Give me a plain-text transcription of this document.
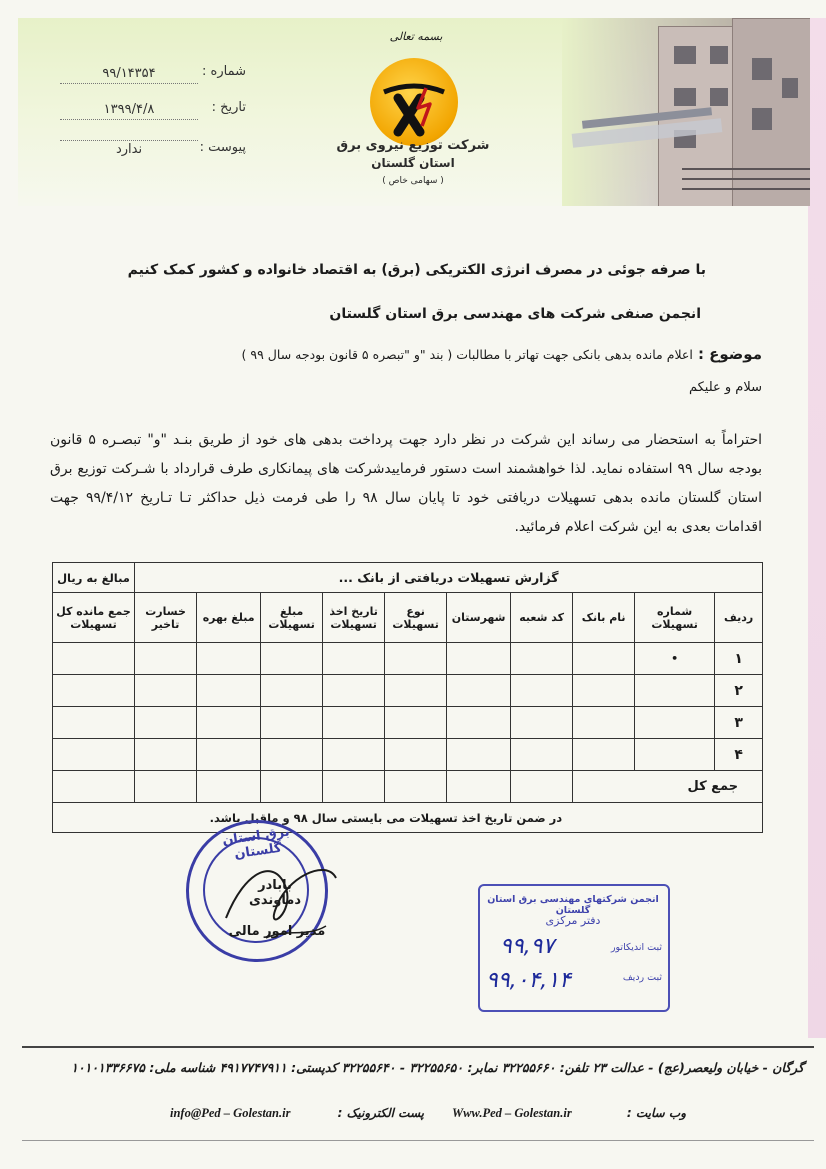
بسمه تعالی
شرکت توزیع نیروی برق
استان گلستان
( سهامی خاص )
شماره :
۹۹/۱۴۳۵۴
تاریخ :
۱۳۹۹/۴/۸
پیوست :
ندارد
با صرفه جوئی در مصرف انرژی الکتریکی (برق) به اقتصاد خانواده و کشور کمک کنیم
انجمن صنفی شرکت های مهندسی برق استان گلستان
موضوع : اعلام مانده بدهی بانکی جهت تهاتر با مطالبات ( بند "و "تبصره ۵ قانون بودجه سال ۹۹ )
سلام و علیکم
احتراماً به استحضار می رساند این شرکت در نظر دارد جهت پرداخت بدهی های خود از طریق بنـد "و" تبصـره ۵ قانون بودجه سال ۹۹ استفاده نماید. لذا خواهشمند است دستور فرماییدشرکت های پیمانکاری طرف قرارداد با شـرکت توزیع برق استان گلستان مانده بدهی تسهیلات دریافتی خود تا پایان سال ۹۸ را طی فرمت ذیل حداکثر تـا تـاریخ ۹۹/۴/۱۲ جهت اقدامات بعدی به این شرکت اعلام فرمائید.
گزارش تسهیلات دریافتی از بانک ...										مبالغ به ریال
ردیف	شماره تسهیلات	نام بانک	کد شعبه	شهرستان	نوع تسهیلات	تاریخ اخذ تسهیلات	مبلغ تسهیلات	مبلغ بهره	خسارت تاخیر	جمع مانده کل تسهیلات
۱	•									
۲										
۳										
۴										
جمع کل										
در ضمن تاریخ اخذ تسهیلات می بایستی سال ۹۸ و ماقبل باشد.										
برق استان گلستان
بابادر دماوندی
مدیر امور مالی
انجمن شرکتهای مهندسی برق استان گلستان
دفتر مرکزی
ثبت اندیکاتور
۹۹,۹۷
ثبت ردیف
۹۹,۰۴,۱۴
گرگان - خیابان ولیعصر(عج) - عدالت ۲۳ تلفن: ۳۲۲۵۵۶۶۰ نمابر: ۳۲۲۵۵۶۵۰ - ۳۲۲۵۵۶۴۰ کدپستی: ۴۹۱۷۷۴۷۹۱۱ شناسه ملی: ۱۰۱۰۱۳۳۶۶۷۵
وب سایت :
Www.Ped – Golestan.ir
پست الکترونیک :
info@Ped – Golestan.ir
